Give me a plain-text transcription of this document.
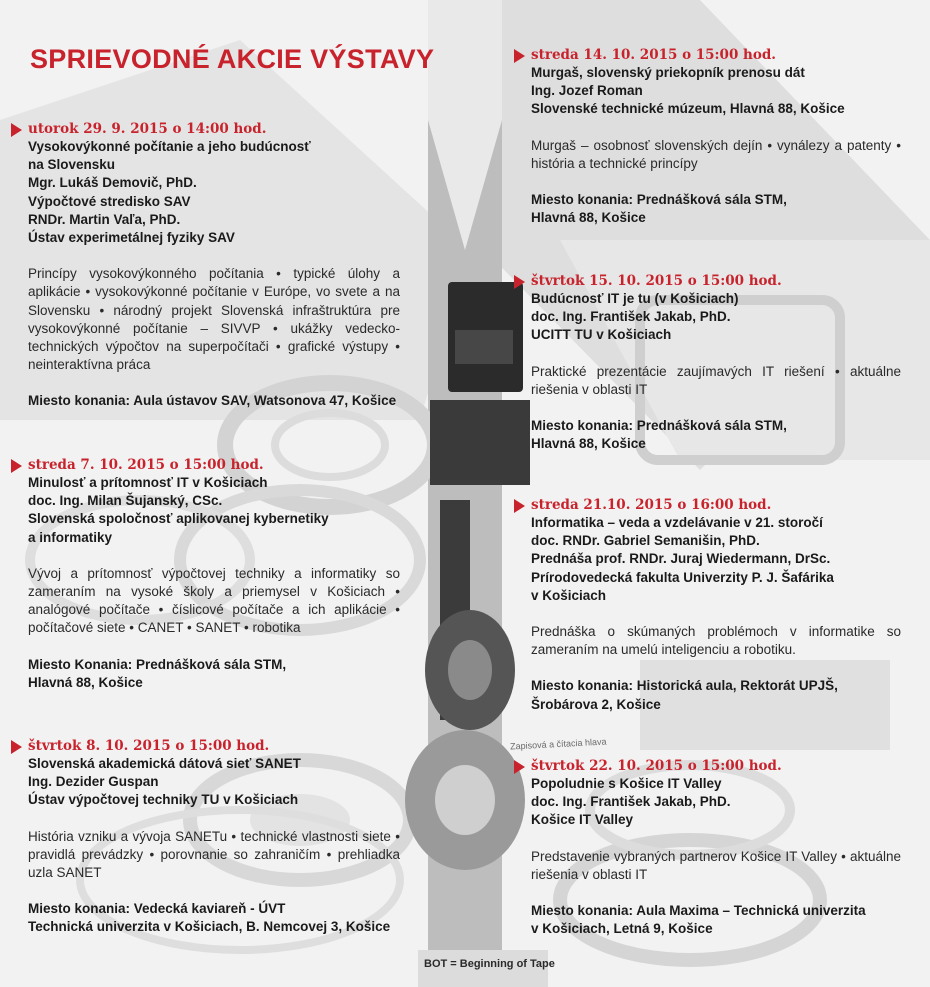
SPRIEVODNÉ AKCIE VÝSTAVY

utorok 29. 9. 2015 o 14:00 hod.

Vysokovýkonné počítanie a jeho budúcnosť
na Slovensku
Mgr. Lukáš Demovič, PhD.
Výpočtové stredisko SAV
RNDr. Martin Vaľa, PhD.
Ústav experimetálnej fyziky SAV

Princípy vysokovýkonného počítania • typické úlohy a aplikácie • vysokovýkonné počítanie v Európe, vo svete a na Slovensku • národný projekt Slovenská infraštruktúra pre vysokovýkonné počítanie – SIVVP • ukážky vedecko-technických výpočtov na superpočítači • grafické výstupy • neinteraktívna práca

Miesto konania: Aula ústavov SAV, Watsonova 47, Košice

streda 7. 10. 2015 o 15:00 hod.

Minulosť a prítomnosť IT v Košiciach
doc. Ing. Milan Šujanský, CSc.
Slovenská spoločnosť aplikovanej kybernetiky
a informatiky

Vývoj a prítomnosť výpočtovej techniky a informatiky so zameraním na vysoké školy a priemysel v Košiciach • analógové počítače • číslicové počítače a ich aplikácie • počítačové siete • CANET • SANET • robotika

Miesto Konania: Prednášková sála STM,
Hlavná 88, Košice

štvrtok 8. 10. 2015 o 15:00 hod.

Slovenská akademická dátová sieť SANET
Ing. Dezider Guspan
Ústav výpočtovej techniky TU v Košiciach

História vzniku a vývoja SANETu • technické vlastnosti siete • pravidlá prevádzky • porovnanie so zahraničím • prehliadka uzla SANET

Miesto konania: Vedecká kaviareň - ÚVT
Technická univerzita v Košiciach, B. Nemcovej 3, Košice

streda 14. 10. 2015 o 15:00 hod.

Murgaš, slovenský priekopník prenosu dát
Ing. Jozef Roman
Slovenské technické múzeum, Hlavná 88, Košice

Murgaš – osobnosť slovenských dejín • vynálezy a patenty • história a technické princípy

Miesto konania: Prednášková sála STM,
Hlavná 88, Košice

štvrtok 15. 10. 2015 o 15:00 hod.

Budúcnosť IT je tu (v Košiciach)
doc. Ing. František Jakab, PhD.
UCITT TU v Košiciach

Praktické prezentácie zaujímavých IT riešení • aktuálne riešenia v oblasti IT

Miesto konania: Prednášková sála STM,
Hlavná 88, Košice

streda 21.10. 2015 o 16:00 hod.

Informatika – veda a vzdelávanie v 21. storočí
doc. RNDr. Gabriel Semanišin, PhD.
Prednáša prof. RNDr. Juraj Wiedermann, DrSc.
Prírodovedecká fakulta Univerzity P. J. Šafárika
v Košiciach

Prednáška o skúmaných problémoch v informatike so zameraním na umelú inteligenciu a robotiku.

Miesto konania: Historická aula, Rektorát UPJŠ,
Šrobárova 2, Košice

štvrtok 22. 10. 2015 o 15:00 hod.

Popoludnie s Košice IT Valley
doc. Ing. František Jakab, PhD.
Košice IT Valley

Predstavenie vybraných partnerov Košice IT Valley • aktuálne riešenia v oblasti IT

Miesto konania: Aula Maxima – Technická univerzita
v Košiciach, Letná 9, Košice
Zapisová a čítacia hlava
BOT = Beginning of Tape
